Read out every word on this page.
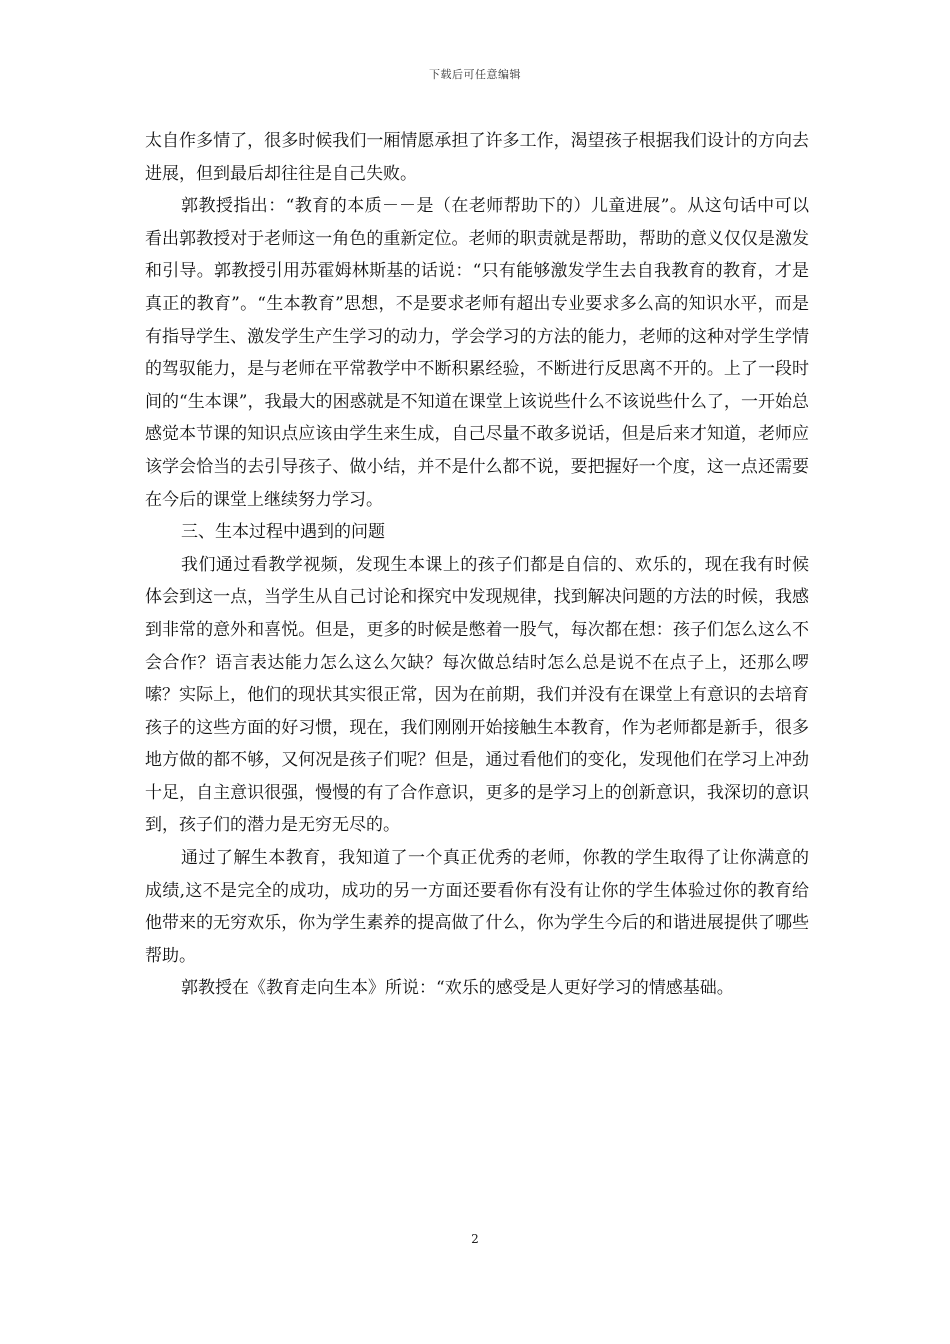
下载后可任意编辑

太自作多情了，很多时候我们一厢情愿承担了许多工作，渴望孩子根据我们设计的方向去进展，但到最后却往往是自己失败。

郭教授指出：“教育的本质－－是（在老师帮助下的）儿童进展”。从这句话中可以看出郭教授对于老师这一角色的重新定位。老师的职责就是帮助，帮助的意义仅仅是激发和引导。郭教授引用苏霍姆林斯基的话说：“只有能够激发学生去自我教育的教育，才是真正的教育”。“生本教育”思想，不是要求老师有超出专业要求多么高的知识水平，而是有指导学生、激发学生产生学习的动力，学会学习的方法的能力，老师的这种对学生学情的驾驭能力，是与老师在平常教学中不断积累经验，不断进行反思离不开的。上了一段时间的“生本课”，我最大的困惑就是不知道在课堂上该说些什么不该说些什么了，一开始总感觉本节课的知识点应该由学生来生成，自己尽量不敢多说话，但是后来才知道，老师应该学会恰当的去引导孩子、做小结，并不是什么都不说，要把握好一个度，这一点还需要在今后的课堂上继续努力学习。

三、生本过程中遇到的问题

我们通过看教学视频，发现生本课上的孩子们都是自信的、欢乐的，现在我有时候体会到这一点，当学生从自己讨论和探究中发现规律，找到解决问题的方法的时候，我感到非常的意外和喜悦。但是，更多的时候是憋着一股气，每次都在想：孩子们怎么这么不会合作？语言表达能力怎么这么欠缺？每次做总结时怎么总是说不在点子上，还那么啰嗦？实际上，他们的现状其实很正常，因为在前期，我们并没有在课堂上有意识的去培育孩子的这些方面的好习惯，现在，我们刚刚开始接触生本教育，作为老师都是新手，很多地方做的都不够，又何况是孩子们呢？但是，通过看他们的变化，发现他们在学习上冲劲十足，自主意识很强，慢慢的有了合作意识，更多的是学习上的创新意识，我深切的意识到，孩子们的潜力是无穷无尽的。

通过了解生本教育，我知道了一个真正优秀的老师，你教的学生取得了让你满意的成绩,这不是完全的成功，成功的另一方面还要看你有没有让你的学生体验过你的教育给他带来的无穷欢乐，你为学生素养的提高做了什么，你为学生今后的和谐进展提供了哪些帮助。

郭教授在《教育走向生本》所说：“欢乐的感受是人更好学习的情感基础。

2
